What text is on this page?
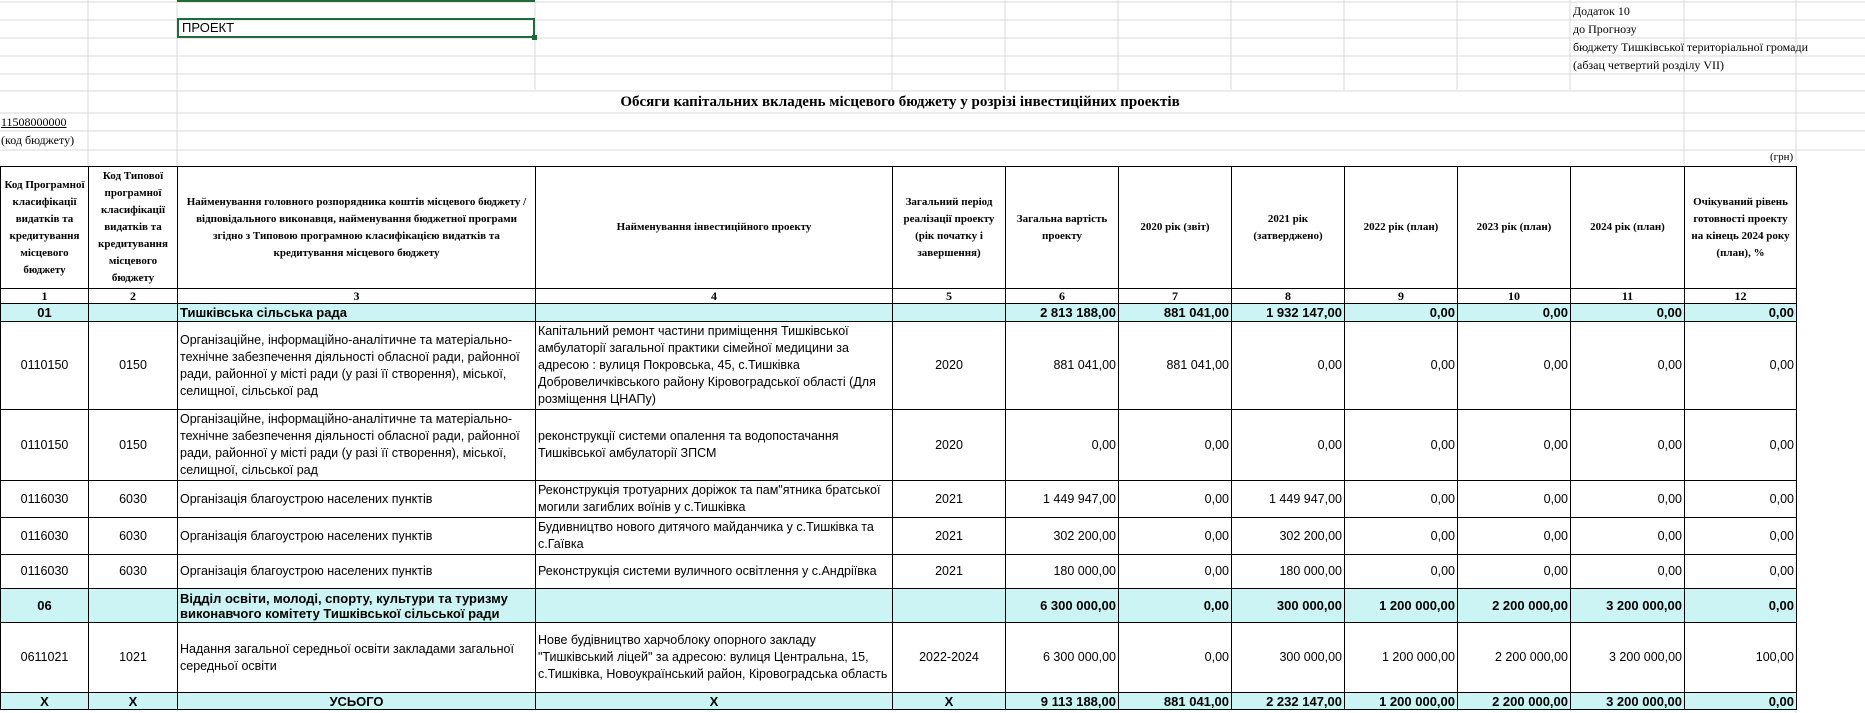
ПРОЕКТ
Додаток 10
до Прогнозу
бюджету Тишківської територіальної громади
(абзац четвертий розділу VII)
Обсяги капітальних вкладень місцевого бюджету у розрізі інвестиційних проектів
11508000000
(код бюджету)
(грн)
Код Програмної класифікації видатків та кредитування місцевого бюджету	Код Типової програмної класифікації видатків та кредитування місцевого бюджету	Найменування головного розпорядника коштів місцевого бюджету / відповідального виконавця, найменування бюджетної програми згідно з Типовою програмною класифікацією видатків та кредитування місцевого бюджету	Найменування інвестиційного проекту	Загальний період реалізації проекту (рік початку і завершення)	Загальна вартість проекту	2020 рік (звіт)	2021 рік (затверджено)	2022 рік (план)	2023 рік (план)	2024 рік (план)	Очікуваний рівень готовності проекту на кінець 2024 року (план), %
1	2	3	4	5	6	7	8	9	10	11	12
01		Тишківська сільська рада			2 813 188,00	881 041,00	1 932 147,00	0,00	0,00	0,00	0,00
0110150	0150	Організаційне, інформаційно-аналітичне та матеріально-технічне забезпечення діяльності обласної ради, районної ради, районної у місті ради (у разі її створення), міської, селищної, сільської рад	Капітальний ремонт частини приміщення Тишківської амбулаторії загальної практики сімейної медицини за адресою : вулиця Покровська, 45, с.Тишківка Добровеличківського району Кіровоградської області (Для розміщення ЦНАПу)	2020	881 041,00	881 041,00	0,00	0,00	0,00	0,00	0,00
0110150	0150	Організаційне, інформаційно-аналітичне та матеріально-технічне забезпечення діяльності обласної ради, районної ради, районної у місті ради (у разі її створення), міської, селищної, сільської рад	реконструкції системи опалення та водопостачання Тишківської амбулаторії ЗПСМ	2020	0,00	0,00	0,00	0,00	0,00	0,00	0,00
0116030	6030	Організація благоустрою населених пунктів	Реконструкція тротуарних доріжок та пам"ятника братської могили загиблих воїнів у с.Тишківка	2021	1 449 947,00	0,00	1 449 947,00	0,00	0,00	0,00	0,00
0116030	6030	Організація благоустрою населених пунктів	Будивництво нового дитячого майданчика у с.Тишківка та с.Гаївка	2021	302 200,00	0,00	302 200,00	0,00	0,00	0,00	0,00
0116030	6030	Організація благоустрою населених пунктів	Реконструкція системи вуличного освітлення у с.Андріївка	2021	180 000,00	0,00	180 000,00	0,00	0,00	0,00	0,00
06		Відділ освіти, молоді, спорту, культури та туризму виконавчого комітету Тишківської сільської ради			6 300 000,00	0,00	300 000,00	1 200 000,00	2 200 000,00	3 200 000,00	0,00
0611021	1021	Надання загальної середньої освіти закладами загальної середньої освіти	Нове будівництво харчоблоку опорного закладу "Тишківський ліцей" за адресою: вулиця Центральна, 15, с.Тишківка, Новоукраїнський район, Кіровоградська область	2022-2024	6 300 000,00	0,00	300 000,00	1 200 000,00	2 200 000,00	3 200 000,00	100,00
X	X	УСЬОГО	X	X	9 113 188,00	881 041,00	2 232 147,00	1 200 000,00	2 200 000,00	3 200 000,00	0,00
